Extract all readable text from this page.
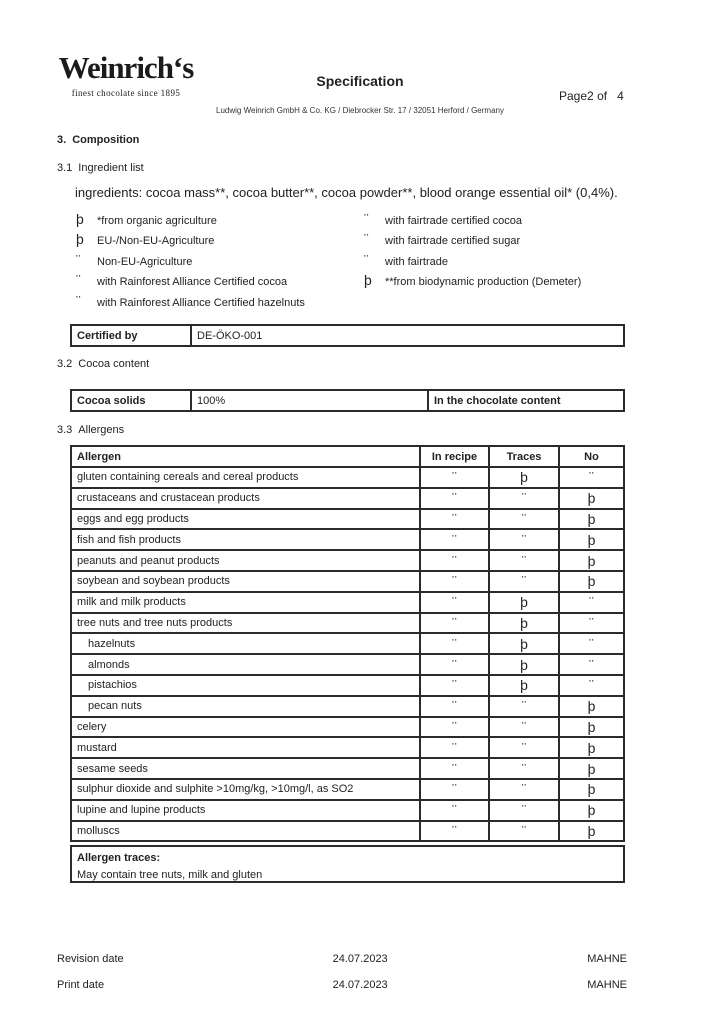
Weinrich‘s
finest chocolate since 1895
Specification
Page2 of 4
Ludwig Weinrich GmbH & Co. KG / Diebrocker Str. 17 / 32051 Herford / Germany
3. Composition
3.1 Ingredient list
ingredients: cocoa mass**, cocoa butter**, cocoa powder**, blood orange essential oil* (0,4%).
þ	*from organic agriculture
þ	EU-/Non-EU-Agriculture
¨	Non-EU-Agriculture
¨	with Rainforest Alliance Certified cocoa
¨	with Rainforest Alliance Certified hazelnuts
¨	with fairtrade certified cocoa
¨	with fairtrade certified sugar
¨	with fairtrade
þ	**from biodynamic production (Demeter)
Certified by	DE-ÖKO-001
3.2 Cocoa content
Cocoa solids	100%	In the chocolate content
3.3 Allergens
Allergen	In recipe	Traces	No
gluten containing cereals and cereal products	¨	þ	¨
crustaceans and crustacean products	¨	¨	þ
eggs and egg products	¨	¨	þ
fish and fish products	¨	¨	þ
peanuts and peanut products	¨	¨	þ
soybean and soybean products	¨	¨	þ
milk and milk products	¨	þ	¨
tree nuts and tree nuts products	¨	þ	¨
hazelnuts	¨	þ	¨
almonds	¨	þ	¨
pistachios	¨	þ	¨
pecan nuts	¨	¨	þ
celery	¨	¨	þ
mustard	¨	¨	þ
sesame seeds	¨	¨	þ
sulphur dioxide and sulphite >10mg/kg, >10mg/l, as SO2	¨	¨	þ
lupine and lupine products	¨	¨	þ
molluscs	¨	¨	þ
Allergen traces:
May contain tree nuts, milk and gluten
Revision date	24.07.2023	MAHNE
Print date	24.07.2023	MAHNE
